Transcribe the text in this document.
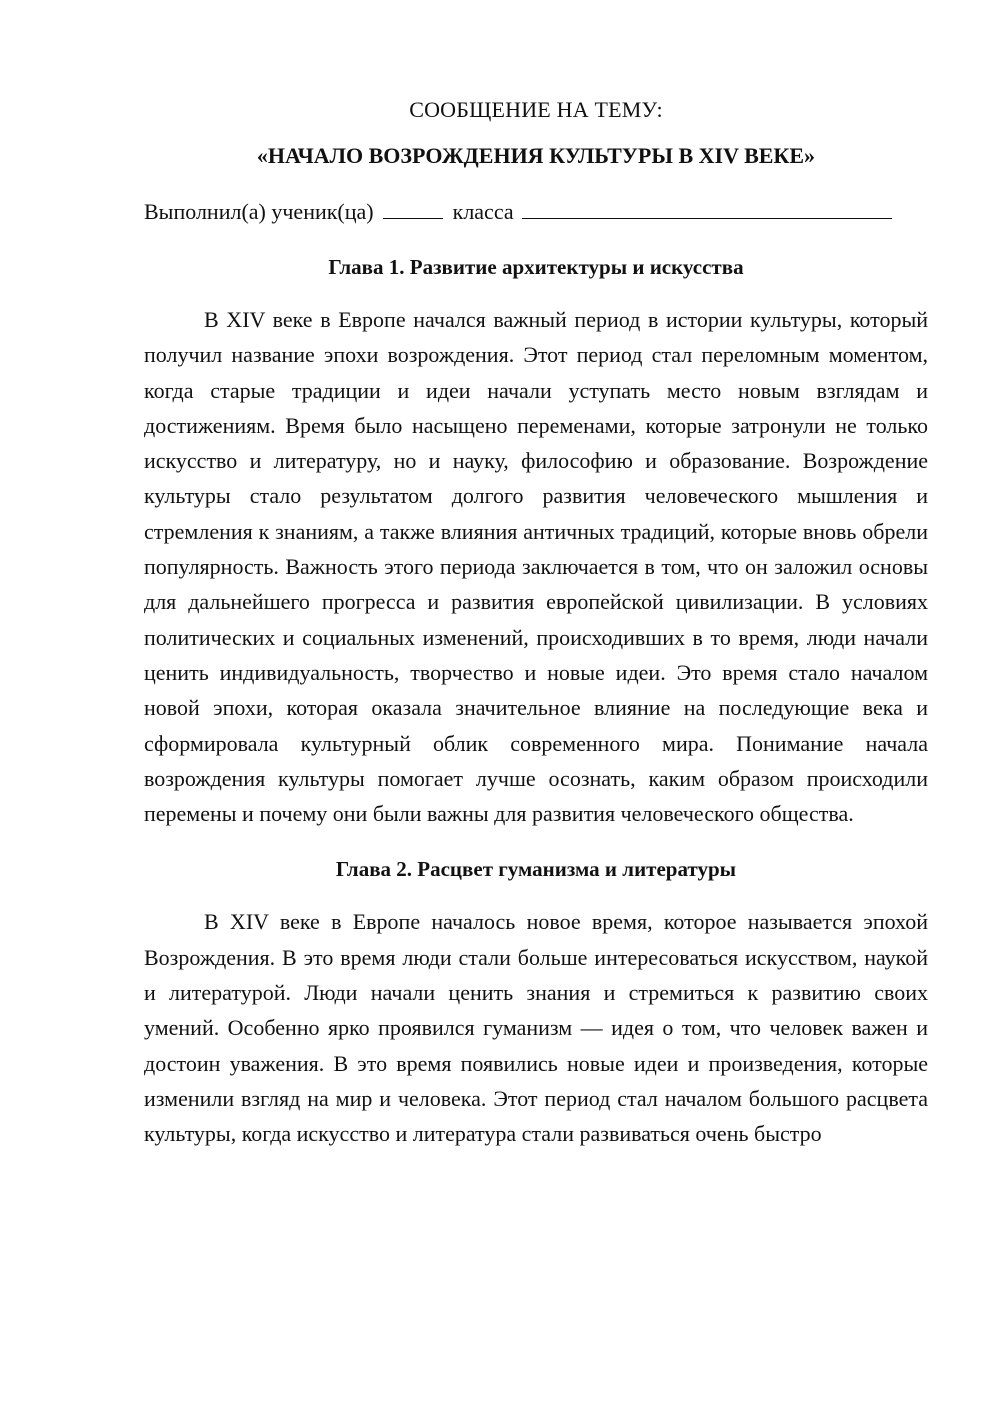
СООБЩЕНИЕ НА ТЕМУ:

«НАЧАЛО ВОЗРОЖДЕНИЯ КУЛЬТУРЫ В XIV ВЕКЕ»

Выполнил(а) ученик(ца)	класса

Глава 1. Развитие архитектуры и искусства

В XIV веке в Европе начался важный период в истории культуры, который получил название эпохи возрождения. Этот период стал переломным моментом, когда старые традиции и идеи начали уступать место новым взглядам и достижениям. Время было насыщено переменами, которые затронули не только искусство и литературу, но и науку, философию и образование. Возрождение культуры стало результатом долгого развития человеческого мышления и стремления к знаниям, а также влияния античных традиций, которые вновь обрели популярность. Важность этого периода заключается в том, что он заложил основы для дальнейшего прогресса и развития европейской цивилизации. В условиях политических и социальных изменений, происходивших в то время, люди начали ценить индивидуальность, творчество и новые идеи. Это время стало началом новой эпохи, которая оказала значительное влияние на последующие века и сформировала культурный облик современного мира. Понимание начала возрождения культуры помогает лучше осознать, каким образом происходили перемены и почему они были важны для развития человеческого общества.

Глава 2. Расцвет гуманизма и литературы

В XIV веке в Европе началось новое время, которое называется эпохой Возрождения. В это время люди стали больше интересоваться искусством, наукой и литературой. Люди начали ценить знания и стремиться к развитию своих умений. Особенно ярко проявился гуманизм — идея о том, что человек важен и достоин уважения. В это время появились новые идеи и произведения, которые изменили взгляд на мир и человека. Этот период стал началом большого расцвета культуры, когда искусство и литература стали развиваться очень быстро
